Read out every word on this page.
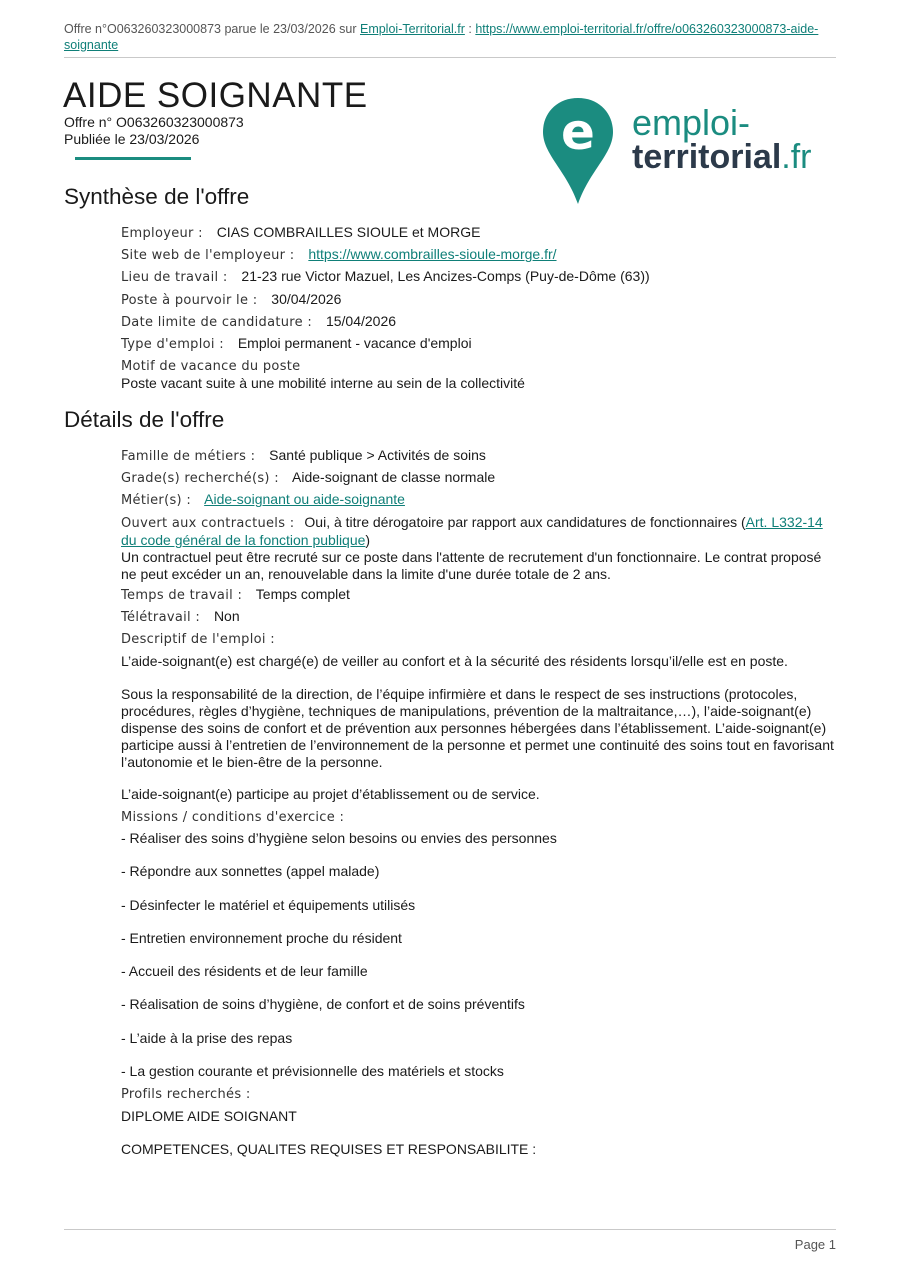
Offre n°O063260323000873 parue le 23/03/2026 sur Emploi-Territorial.fr : https://www.emploi-territorial.fr/offre/o063260323000873-aide-soignante
AIDE SOIGNANTE
Offre n° O063260323000873
Publiée le 23/03/2026	e emploi-
territorial.fr
Synthèse de l'offre
Employeur : CIAS COMBRAILLES SIOULE et MORGE
Site web de l'employeur : https://www.combrailles-sioule-morge.fr/
Lieu de travail : 21-23 rue Victor Mazuel, Les Ancizes-Comps (Puy-de-Dôme (63))
Poste à pourvoir le : 30/04/2026
Date limite de candidature : 15/04/2026
Type d'emploi : Emploi permanent - vacance d'emploi
Motif de vacance du poste
Poste vacant suite à une mobilité interne au sein de la collectivité
Détails de l'offre
Famille de métiers : Santé publique > Activités de soins
Grade(s) recherché(s) : Aide-soignant de classe normale
Métier(s) : Aide-soignant ou aide-soignante
Ouvert aux contractuels : Oui, à titre dérogatoire par rapport aux candidatures de fonctionnaires (Art. L332-14 du code général de la fonction publique)
Un contractuel peut être recruté sur ce poste dans l'attente de recrutement d'un fonctionnaire. Le contrat proposé ne peut excéder un an, renouvelable dans la limite d'une durée totale de 2 ans.
Temps de travail : Temps complet
Télétravail : Non
Descriptif de l'emploi :
L’aide-soignant(e) est chargé(e) de veiller au confort et à la sécurité des résidents lorsqu’il/elle est en poste.
Sous la responsabilité de la direction, de l’équipe infirmière et dans le respect de ses instructions (protocoles, procédures, règles d’hygiène, techniques de manipulations, prévention de la maltraitance,…), l’aide-soignant(e) dispense des soins de confort et de prévention aux personnes hébergées dans l’établissement. L’aide-soignant(e) participe aussi à l’entretien de l’environnement de la personne et permet une continuité des soins tout en favorisant l’autonomie et le bien-être de la personne.
L’aide-soignant(e) participe au projet d’établissement ou de service.
Missions / conditions d'exercice :
- Réaliser des soins d’hygiène selon besoins ou envies des personnes
- Répondre aux sonnettes (appel malade)
- Désinfecter le matériel et équipements utilisés
- Entretien environnement proche du résident
- Accueil des résidents et de leur famille
- Réalisation de soins d’hygiène, de confort et de soins préventifs
- L’aide à la prise des repas
- La gestion courante et prévisionnelle des matériels et stocks
Profils recherchés :
DIPLOME AIDE SOIGNANT
COMPETENCES, QUALITES REQUISES ET RESPONSABILITE :
Page 1
